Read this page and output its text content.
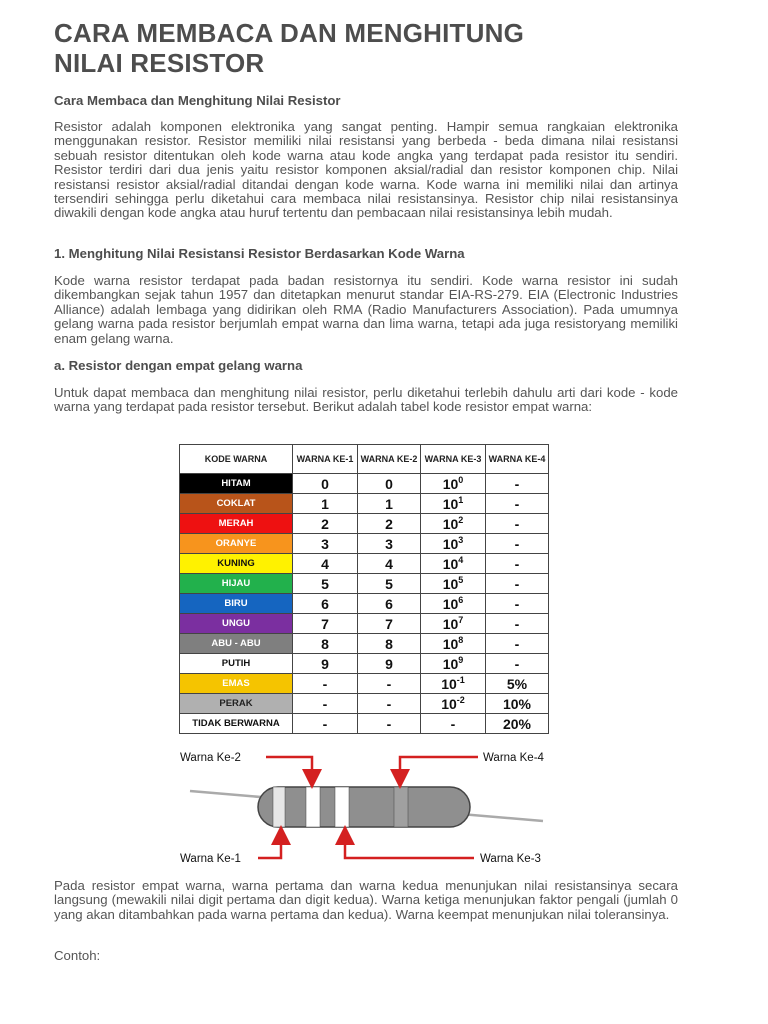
CARA MEMBACA DAN MENGHITUNG
NILAI RESISTOR

Cara Membaca dan Menghitung Nilai Resistor

Resistor adalah komponen elektronika yang sangat penting. Hampir semua rangkaian elektronika menggunakan resistor. Resistor memiliki nilai resistansi yang berbeda - beda dimana nilai resistansi sebuah resistor ditentukan oleh kode warna atau kode angka yang terdapat pada resistor itu sendiri. Resistor terdiri dari dua jenis yaitu resistor komponen aksial/radial dan resistor komponen chip. Nilai resistansi resistor aksial/radial ditandai dengan kode warna. Kode warna ini memiliki nilai dan artinya tersendiri sehingga perlu diketahui cara membaca nilai resistansinya. Resistor chip nilai resistansinya diwakili dengan kode angka atau huruf tertentu dan pembacaan nilai resistansinya lebih mudah.

1. Menghitung Nilai Resistansi Resistor Berdasarkan Kode Warna

Kode warna resistor terdapat pada badan resistornya itu sendiri. Kode warna resistor ini sudah dikembangkan sejak tahun 1957 dan ditetapkan menurut standar EIA-RS-279. EIA (Electronic Industries Alliance) adalah lembaga yang didirikan oleh RMA (Radio Manufacturers Association). Pada umumnya gelang warna pada resistor berjumlah empat warna dan lima warna, tetapi ada juga resistoryang memiliki enam gelang warna.

a. Resistor dengan empat gelang warna

Untuk dapat membaca dan menghitung nilai resistor, perlu diketahui terlebih dahulu arti dari kode - kode warna yang terdapat pada resistor tersebut. Berikut adalah tabel kode resistor empat warna:

Pada resistor empat warna, warna pertama dan warna kedua menunjukan nilai resistansinya secara langsung (mewakili nilai digit pertama dan digit kedua). Warna ketiga menunjukan faktor pengali (jumlah 0 yang akan ditambahkan pada warna pertama dan kedua). Warna keempat menunjukan nilai toleransinya.

Contoh:

KODE WARNA	WARNA KE-1	WARNA KE-2	WARNA KE-3	WARNA KE-4
HITAM	0	0	$10^0$	-
COKLAT	1	1	$10^1$	-
MERAH	2	2	$10^2$	-
ORANYE	3	3	$10^3$	-
KUNING	4	4	$10^4$	-
HIJAU	5	5	$10^5$	-
BIRU	6	6	$10^6$	-
UNGU	7	7	$10^7$	-
ABU - ABU	8	8	$10^8$	-
PUTIH	9	9	$10^9$	-
EMAS	-	-	$10^{-1}$	5%
PERAK	-	-	$10^{-2}$	10%
TIDAK BERWARNA	-	-	-	20%
Warna Ke-2	Warna Ke-4
Warna Ke-1	Warna Ke-3
